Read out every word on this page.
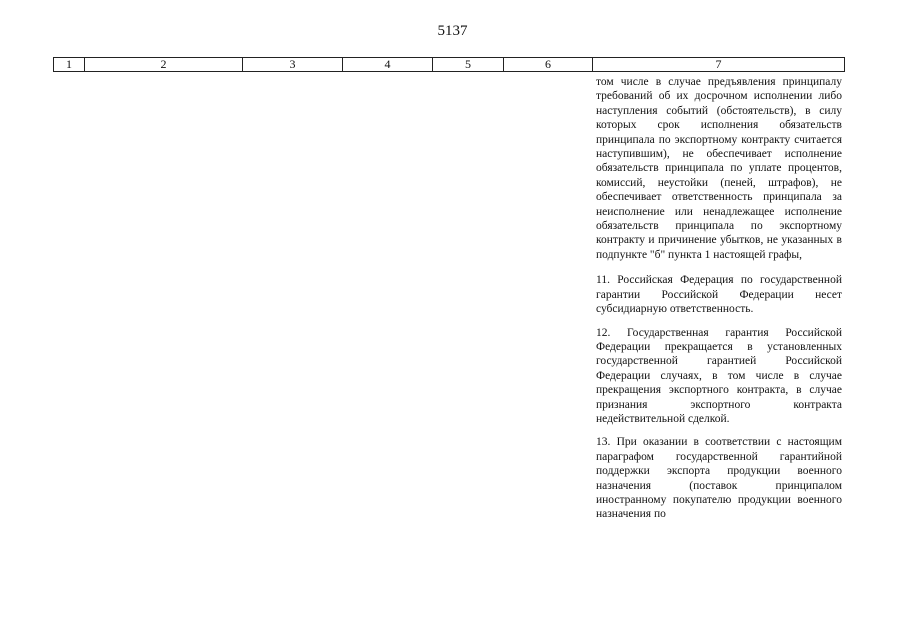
5137
1	2	3	4	5	6	7

том числе в случае предъявления принципалу требований об их досрочном исполнении либо наступления событий (обстоятельств), в силу которых срок исполнения обязательств принципала по экспортному контракту считается наступившим), не обеспечивает исполнение обязательств принципала по уплате процентов, комиссий, неустойки (пеней, штрафов), не обеспечивает ответственность принципала за неисполнение или ненадлежащее исполнение обязательств принципала по экспортному контракту и причинение убытков, не указанных в подпункте "б" пункта 1 настоящей графы,

11. Российская Федерация по государственной гарантии Российской Федерации несет субсидиарную ответственность.

12. Государственная гарантия Российской Федерации прекращается в установленных государственной гарантией Российской Федерации случаях, в том числе в случае прекращения экспортного контракта, в случае признания экспортного контракта недействительной сделкой.

13. При оказании в соответствии с настоящим параграфом государственной гарантийной поддержки экспорта продукции военного назначения (поставок принципалом иностранному покупателю продукции военного назначения по
